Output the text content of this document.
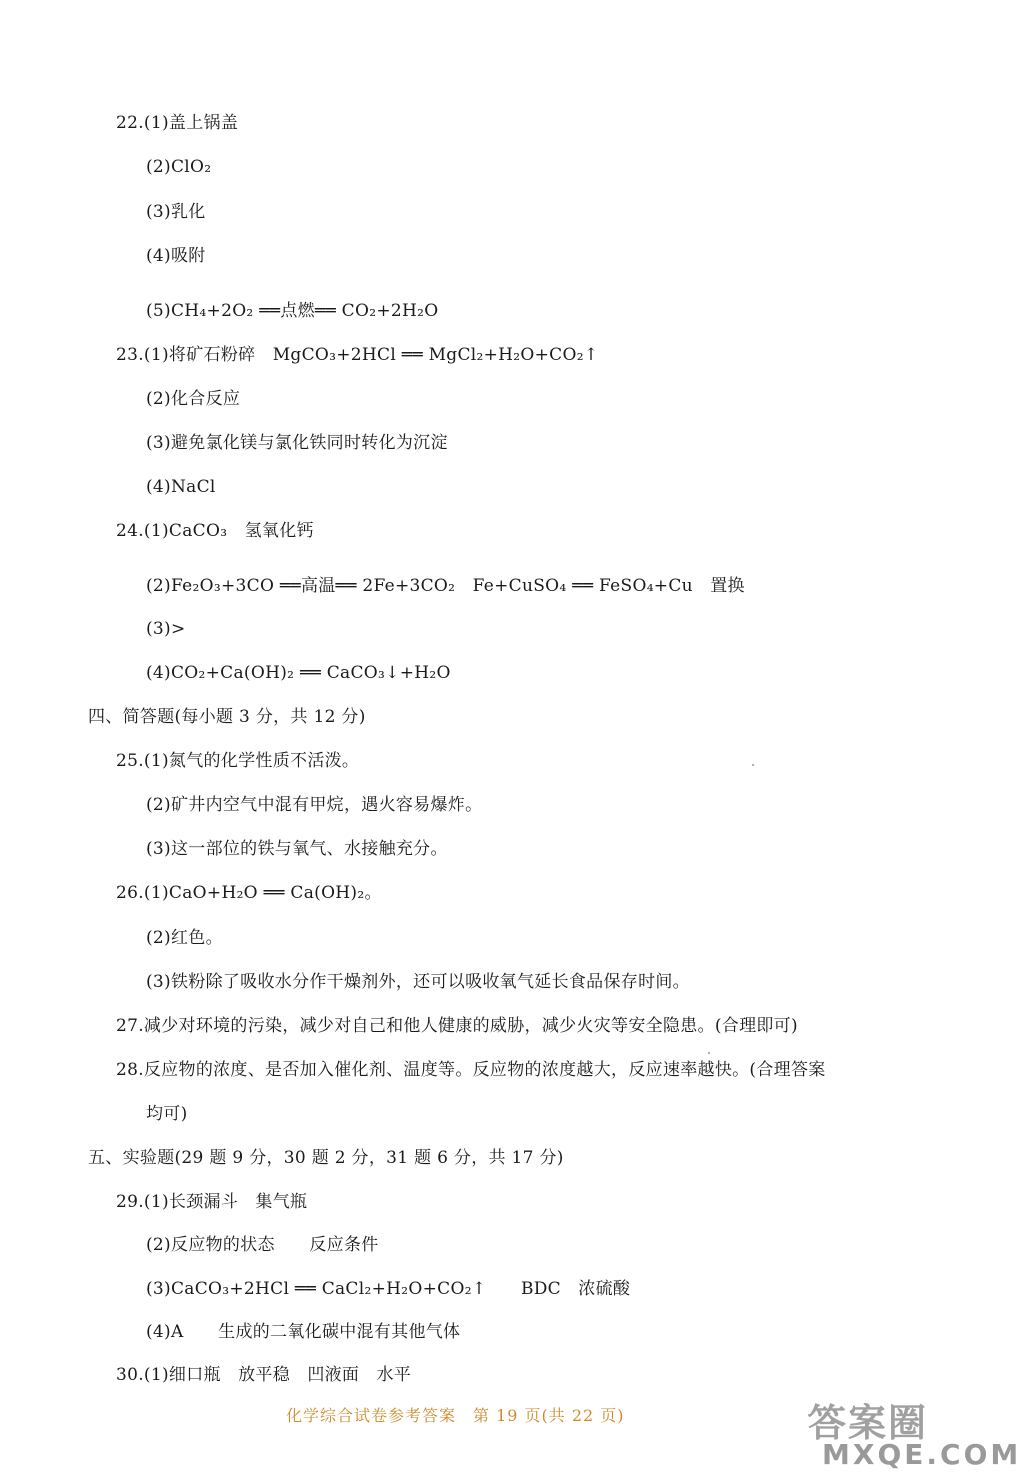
22.(1)盖上锅盖
(2)ClO₂
(3)乳化
(4)吸附
(5)CH₄+2O₂ ══点燃══ CO₂+2H₂O
23.(1)将矿石粉碎　MgCO₃+2HCl ══ MgCl₂+H₂O+CO₂↑
(2)化合反应
(3)避免氯化镁与氯化铁同时转化为沉淀
(4)NaCl
24.(1)CaCO₃　氢氧化钙
(2)Fe₂O₃+3CO ══高温══ 2Fe+3CO₂　Fe+CuSO₄ ══ FeSO₄+Cu　置换
(3)>
(4)CO₂+Ca(OH)₂ ══ CaCO₃↓+H₂O
四、简答题(每小题 3 分，共 12 分)
25.(1)氮气的化学性质不活泼。
(2)矿井内空气中混有甲烷，遇火容易爆炸。
(3)这一部位的铁与氧气、水接触充分。
26.(1)CaO+H₂O ══ Ca(OH)₂。
(2)红色。
(3)铁粉除了吸收水分作干燥剂外，还可以吸收氧气延长食品保存时间。
27.减少对环境的污染，减少对自己和他人健康的威胁，减少火灾等安全隐患。(合理即可)
28.反应物的浓度、是否加入催化剂、温度等。反应物的浓度越大，反应速率越快。(合理答案
均可)
五、实验题(29 题 9 分，30 题 2 分，31 题 6 分，共 17 分)
29.(1)长颈漏斗　集气瓶
(2)反应物的状态　　反应条件
(3)CaCO₃+2HCl ══ CaCl₂+H₂O+CO₂↑　　BDC　浓硫酸
(4)A　　生成的二氧化碳中混有其他气体
30.(1)细口瓶　放平稳　凹液面　水平
化学综合试卷参考答案　第 19 页(共 22 页)	答案圈
MXQE.COM
